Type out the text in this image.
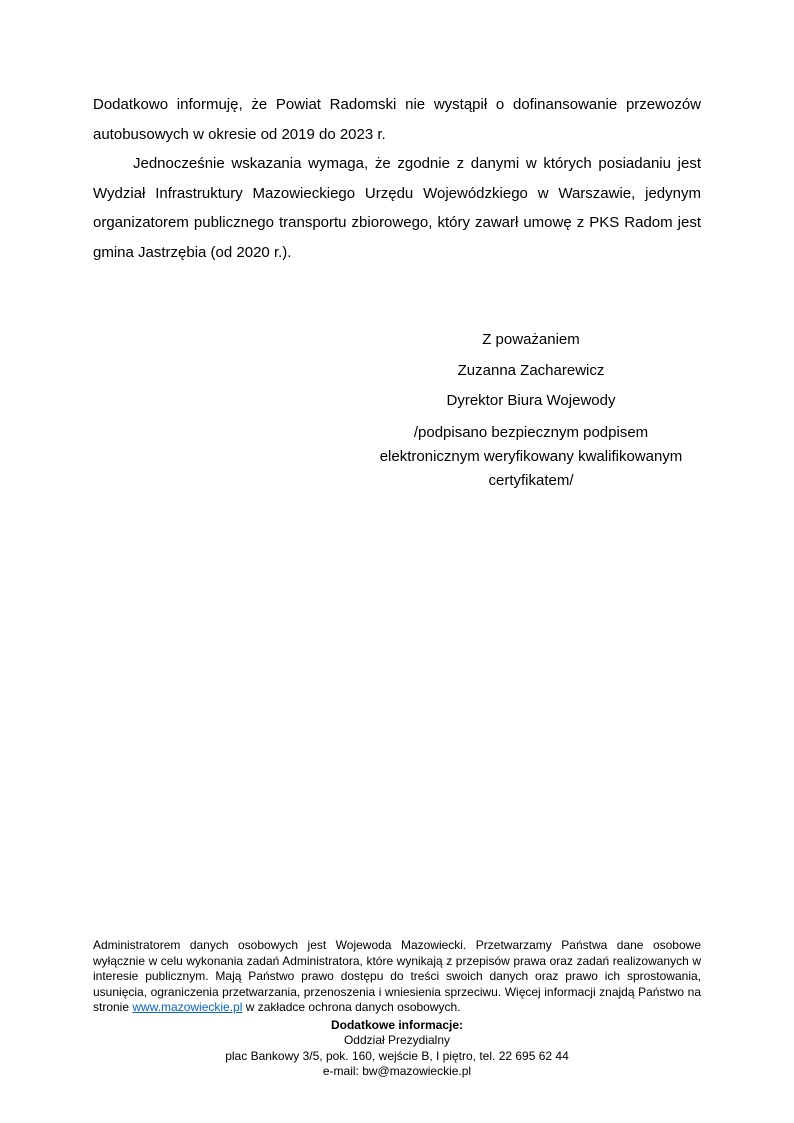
Dodatkowo informuję, że Powiat Radomski nie wystąpił o dofinansowanie przewozów autobusowych w okresie od 2019 do 2023 r.

Jednocześnie wskazania wymaga, że zgodnie z danymi w których posiadaniu jest Wydział Infrastruktury Mazowieckiego Urzędu Wojewódzkiego w Warszawie, jedynym organizatorem publicznego transportu zbiorowego, który zawarł umowę z PKS Radom jest gmina Jastrzębia (od 2020 r.).

Z poważaniem
Zuzanna Zacharewicz
Dyrektor Biura Wojewody
/podpisano bezpiecznym podpisem elektronicznym weryfikowany kwalifikowanym certyfikatem/

Administratorem danych osobowych jest Wojewoda Mazowiecki. Przetwarzamy Państwa dane osobowe wyłącznie w celu wykonania zadań Administratora, które wynikają z przepisów prawa oraz zadań realizowanych w interesie publicznym. Mają Państwo prawo dostępu do treści swoich danych oraz prawo ich sprostowania, usunięcia, ograniczenia przetwarzania, przenoszenia i wniesienia sprzeciwu. Więcej informacji znajdą Państwo na stronie www.mazowieckie.pl w zakładce ochrona danych osobowych.

Dodatkowe informacje:
Oddział Prezydialny
plac Bankowy 3/5, pok. 160, wejście B, I piętro, tel. 22 695 62 44
e-mail: bw@mazowieckie.pl
